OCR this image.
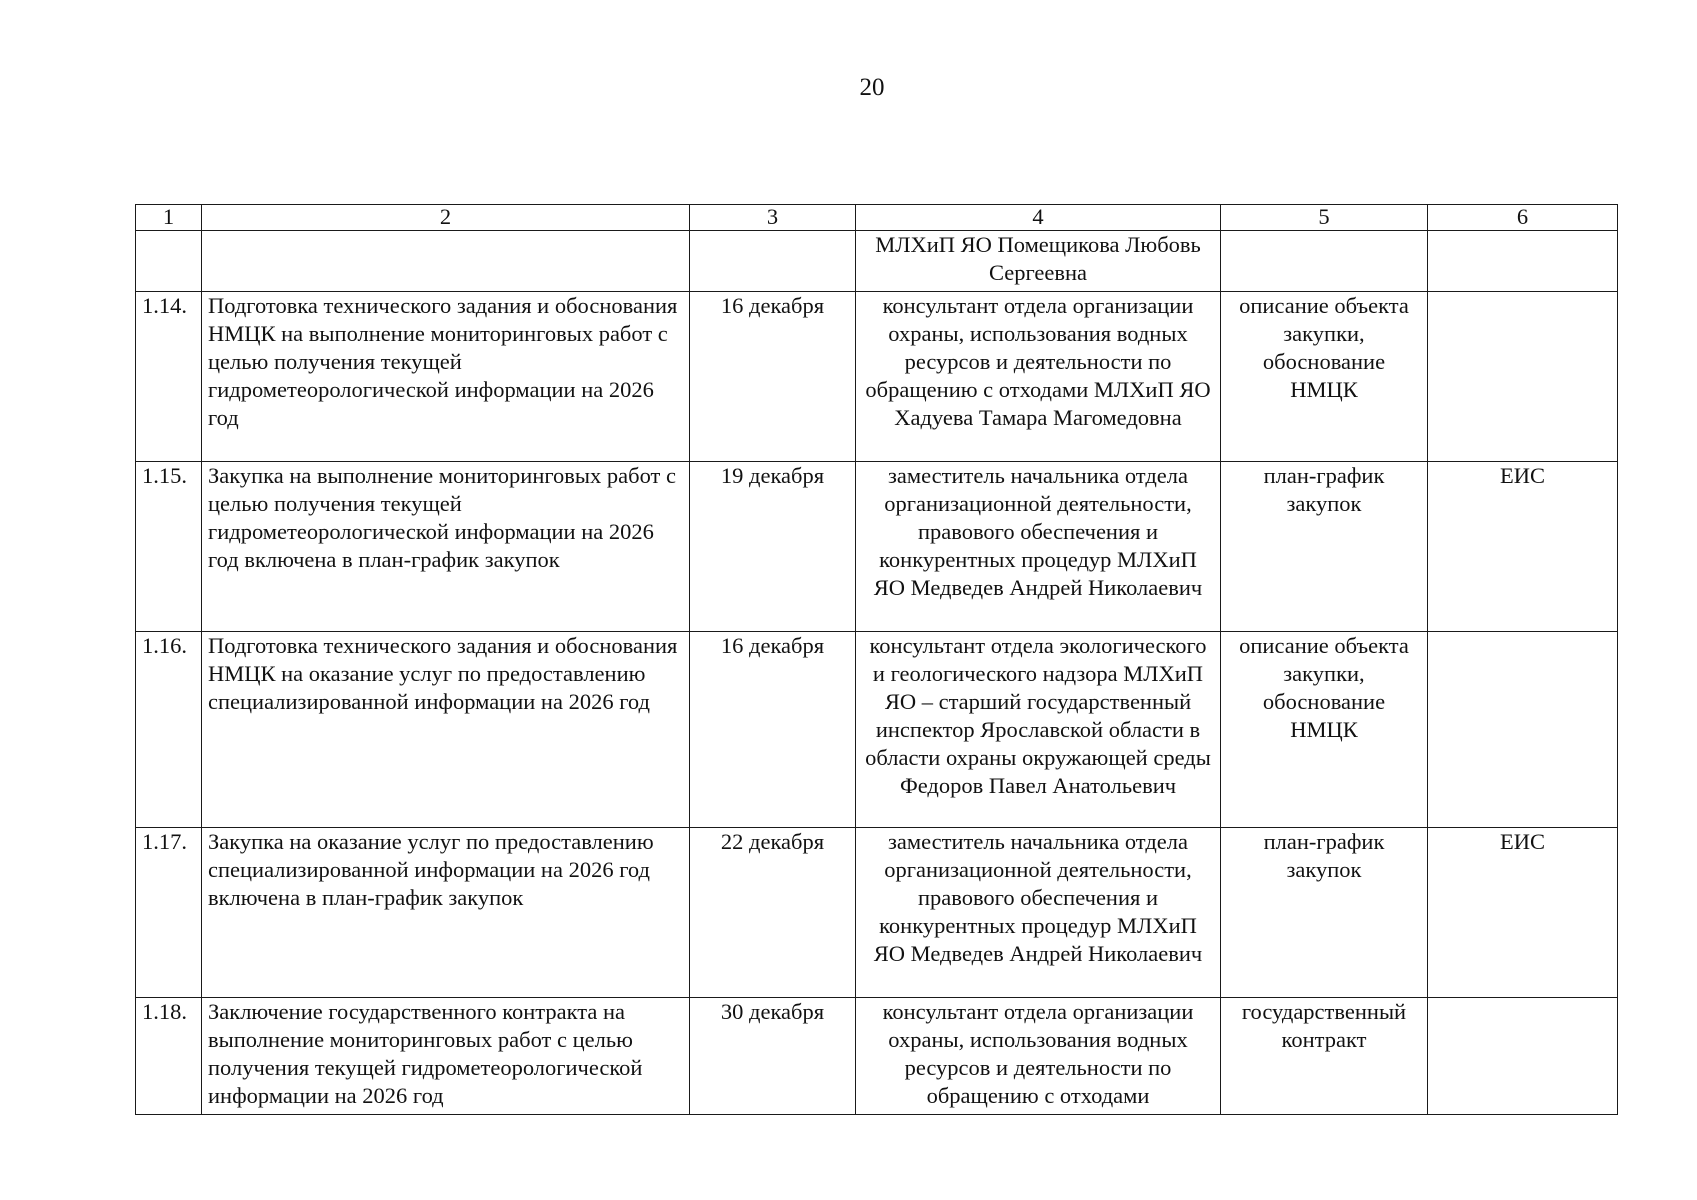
20
1	2	3	4	5	6
			МЛХиП ЯО Помещикова Любовь Сергеевна		
1.14.	Подготовка технического задания и обоснования НМЦК на выполнение мониторинговых работ с целью получения текущей гидрометеорологической информации на 2026 год	16 декабря	консультант отдела организации охраны, использования водных ресурсов и деятельности по обращению с отходами МЛХиП ЯО Хадуева Тамара Магомедовна	описание объекта закупки, обоснование НМЦК	
1.15.	Закупка на выполнение мониторинговых работ с целью получения текущей гидрометеорологической информации на 2026 год включена в план-график закупок	19 декабря	заместитель начальника отдела организационной деятельности, правового обеспечения и конкурентных процедур МЛХиП ЯО Медведев Андрей Николаевич	план-график закупок	ЕИС
1.16.	Подготовка технического задания и обоснования НМЦК на оказание услуг по предоставлению специализированной информации на 2026 год	16 декабря	консультант отдела экологического и геологического надзора МЛХиП ЯО – старший государственный инспектор Ярославской области в области охраны окружающей среды Федоров Павел Анатольевич	описание объекта закупки, обоснование НМЦК	
1.17.	Закупка на оказание услуг по предоставлению специализированной информации на 2026 год включена в план-график закупок	22 декабря	заместитель начальника отдела организационной деятельности, правового обеспечения и конкурентных процедур МЛХиП ЯО Медведев Андрей Николаевич	план-график закупок	ЕИС
1.18.	Заключение государственного контракта на выполнение мониторинговых работ с целью получения текущей гидрометеорологической информации на 2026 год	30 декабря	консультант отдела организации охраны, использования водных ресурсов и деятельности по обращению с отходами	государственный контракт	
